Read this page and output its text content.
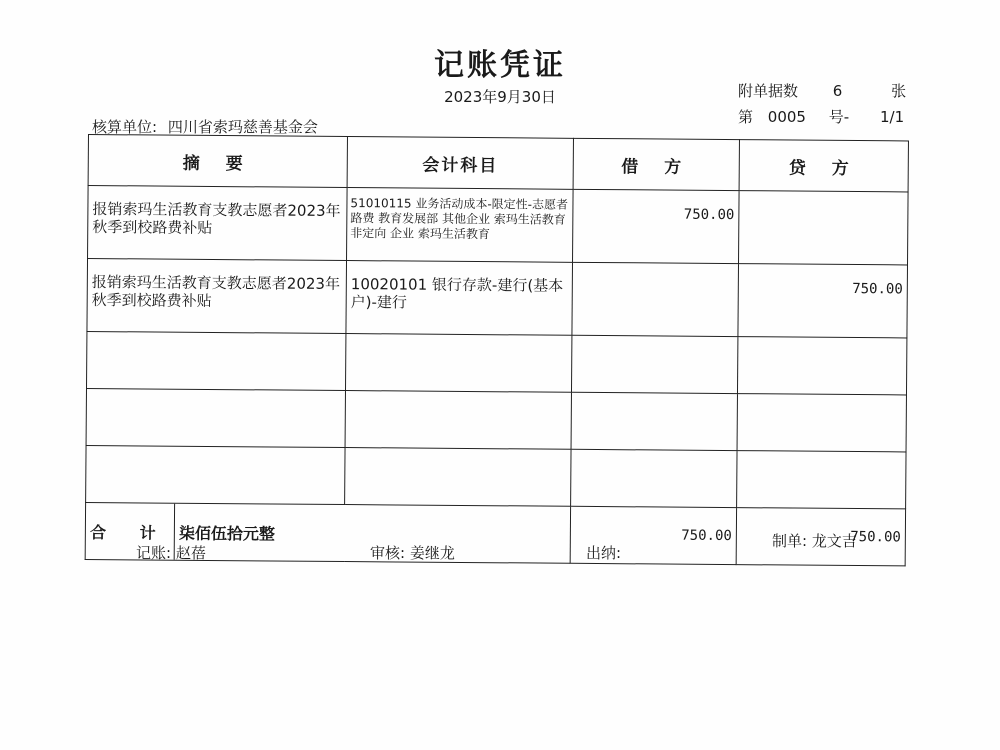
记账凭证
2023年9月30日	附单据数 6	张
第 0005 号- 1/1
核算单位: 四川省索玛慈善基金会
摘 要	会计科目	借 方	贷 方
报销索玛生活教育支教志愿者2023年秋季到校路费补贴	51010115 业务活动成本-限定性-志愿者路费 教育发展部 其他企业 索玛生活教育 非定向 企业 索玛生活教育	750.00	
报销索玛生活教育支教志愿者2023年秋季到校路费补贴	10020101 银行存款-建行(基本户)-建行		750.00

合 计 柒佰伍拾元整		750.00	750.00
记账: 赵蓓	审核: 姜继龙	出纳:
制单: 龙文吉
